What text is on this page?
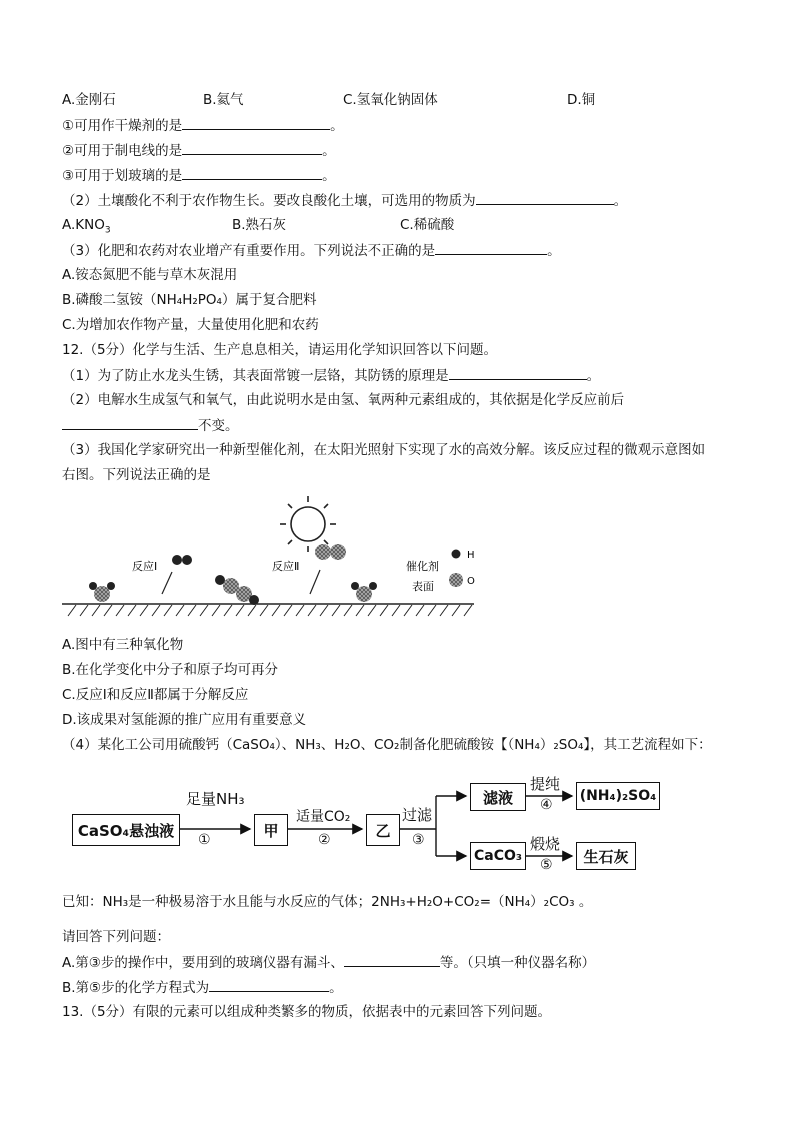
A.金刚石	B.氦气	C.氢氧化钠固体	D.铜
①可用作干燥剂的是	。
②可用于制电线的是	。
③可用于划玻璃的是	。
（2）土壤酸化不利于农作物生长。要改良酸化土壤，可选用的物质为	。
$A.KNO_3$	B.熟石灰	C.稀硫酸
（3）化肥和农药对农业增产有重要作用。下列说法不正确的是	。
A.铵态氮肥不能与草木灰混用
B.磷酸二氢铵（NH₄H₂PO₄）属于复合肥料
C.为增加农作物产量，大量使用化肥和农药
12.（5分）化学与生活、生产息息相关，请运用化学知识回答以下问题。
（1）为了防止水龙头生锈，其表面常镀一层铬，其防锈的原理是	。
（2）电解水生成氢气和氧气，由此说明水是由氢、氧两种元素组成的，其依据是化学反应前后
不变。
（3）我国化学家研究出一种新型催化剂，在太阳光照射下实现了水的高效分解。该反应过程的微观示意图如
右图。下列说法正确的是
反应Ⅰ	反应Ⅱ	催化剂
表面
H
O
A.图中有三种氧化物
B.在化学变化中分子和原子均可再分
C.反应Ⅰ和反应Ⅱ都属于分解反应
D.该成果对氢能源的推广应用有重要意义
（4）某化工公司用硫酸钙（CaSO₄）、NH₃、H₂O、CO₂制备化肥硫酸铵【（NH₄）₂SO₄】，其工艺流程如下：
CaSO₄悬浊液
足量NH₃
①
甲
适量CO₂
②
乙
过滤
③
滤液
提纯
④
(NH₄)₂SO₄
CaCO₃
煅烧
⑤	生石灰
已知：NH₃是一种极易溶于水且能与水反应的气体；2NH₃+H₂O+CO₂=（NH₄）₂CO₃ 。
请回答下列问题：
A.第③步的操作中，要用到的玻璃仪器有漏斗、	等。（只填一种仪器名称）
B.第⑤步的化学方程式为	。
13.（5分）有限的元素可以组成种类繁多的物质，依据表中的元素回答下列问题。
